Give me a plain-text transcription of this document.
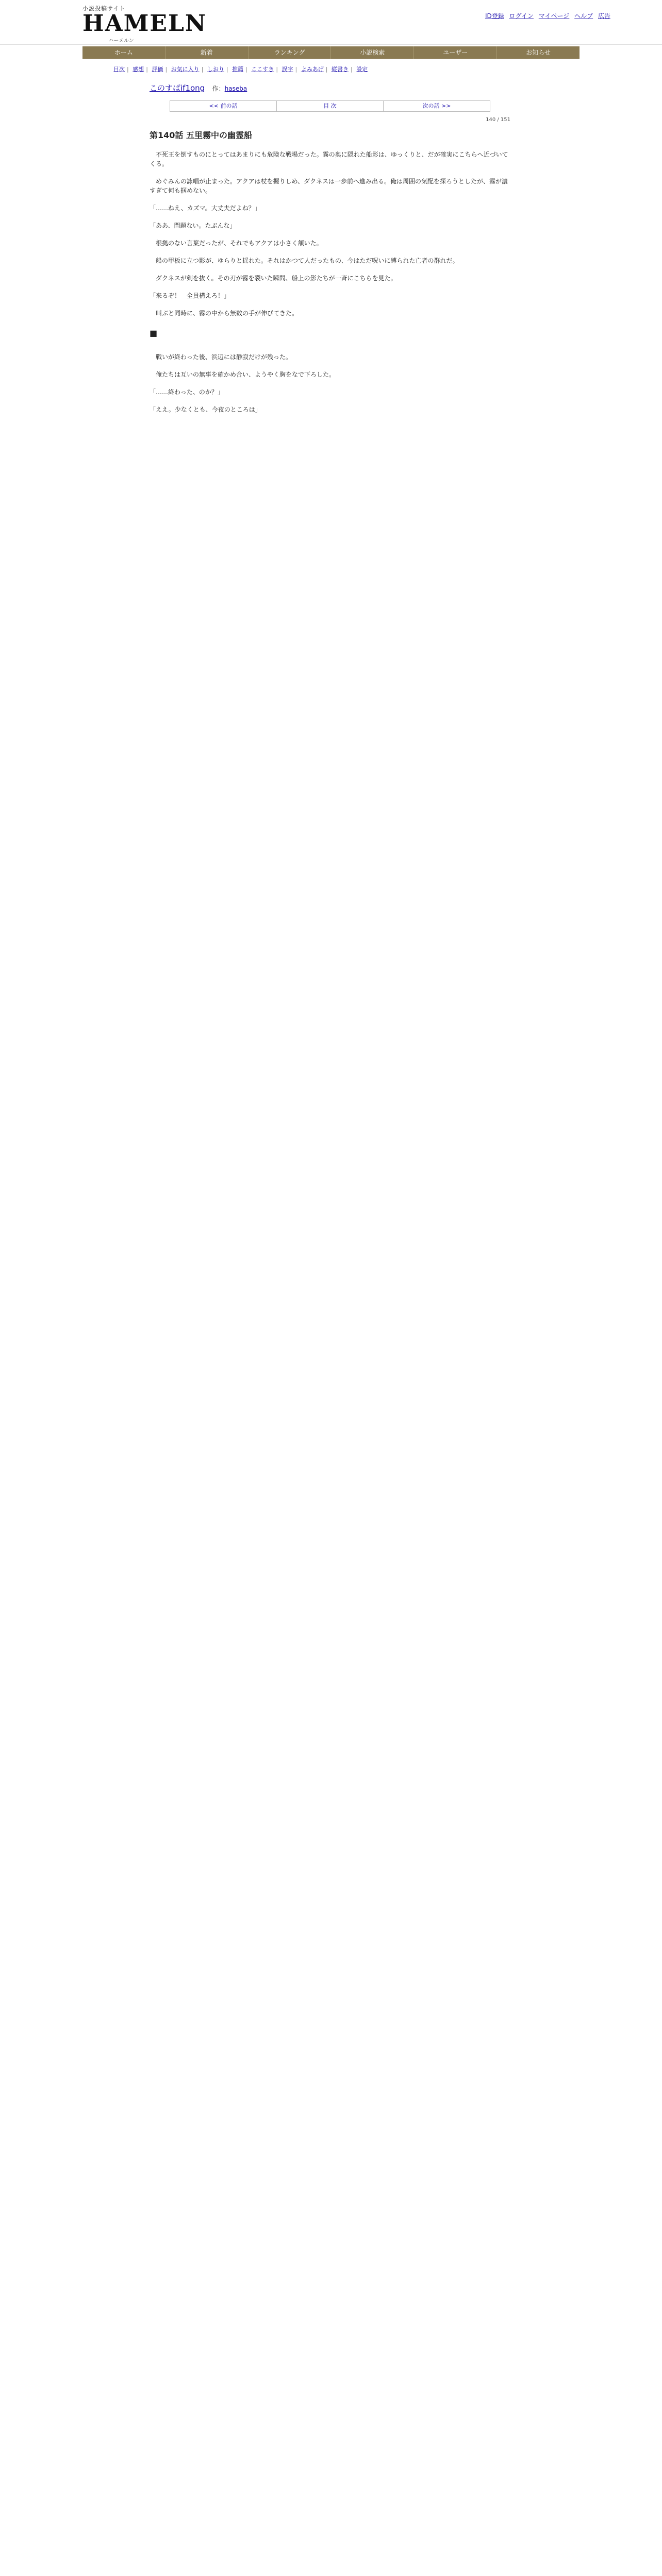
小説投稿サイト
HAMELN
ハーメルン
ID登録 ログイン マイページ ヘルプ 広告
ホーム	新着	ランキング	小説検索	ユーザー	お知らせ
目次 | 感想 | 評価 | お気に入り | しおり | 推薦 | ここすき | 誤字 | よみあげ | 縦書き | 設定
このすばif1ong 作：haseba
<< 前の話	目 次	次の話 >>
140 / 151
第140話 五里霧中の幽霊船

　不死王を倒すものにとってはあまりにも危険な戦場だった。霧の奥に隠れた船影は、ゆっくりと、だが確実にこちらへ近づいてくる。

　めぐみんの詠唱が止まった。アクアは杖を握りしめ、ダクネスは一歩前へ進み出る。俺は周囲の気配を探ろうとしたが、霧が濃すぎて何も掴めない。

「……ねえ、カズマ。大丈夫だよね？」

「ああ、問題ない。たぶんな」

　根拠のない言葉だったが、それでもアクアは小さく頷いた。

　船の甲板に立つ影が、ゆらりと揺れた。それはかつて人だったもの、今はただ呪いに縛られた亡者の群れだ。

　ダクネスが剣を抜く。その刃が霧を裂いた瞬間、船上の影たちが一斉にこちらを見た。

「来るぞ！　全員構えろ！」

　叫ぶと同時に、霧の中から無数の手が伸びてきた。

■

　戦いが終わった後、浜辺には静寂だけが残った。

　俺たちは互いの無事を確かめ合い、ようやく胸をなで下ろした。

「……終わった、のか？」

「ええ。少なくとも、今夜のところは」
